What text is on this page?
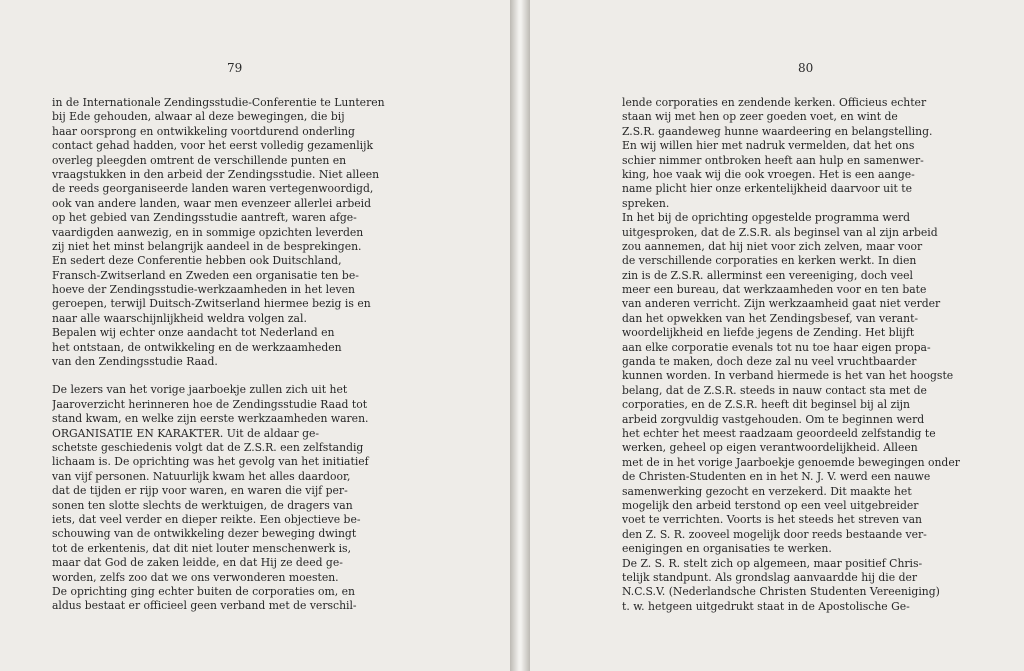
79
in de Internationale Zendingsstudie-Conferentie te Lunteren
bij Ede gehouden, alwaar al deze bewegingen, die bij
haar oorsprong en ontwikkeling voortdurend onderling
contact gehad hadden, voor het eerst volledig gezamenlijk
overleg pleegden omtrent de verschillende punten en
vraagstukken in den arbeid der Zendingsstudie. Niet alleen
de reeds georganiseerde landen waren vertegenwoordigd,
ook van andere landen, waar men evenzeer allerlei arbeid
op het gebied van Zendingsstudie aantreft, waren afge-
vaardigden aanwezig, en in sommige opzichten leverden
zij niet het minst belangrijk aandeel in de besprekingen.
En sedert deze Conferentie hebben ook Duitschland,
Fransch-Zwitserland en Zweden een organisatie ten be-
hoeve der Zendingsstudie-werkzaamheden in het leven
geroepen, terwijl Duitsch-Zwitserland hiermee bezig is en
naar alle waarschijnlijkheid weldra volgen zal.
Bepalen wij echter onze aandacht tot Nederland en
het ontstaan, de ontwikkeling en de werkzaamheden
van den Zendingsstudie Raad.
De lezers van het vorige jaarboekje zullen zich uit het
Jaaroverzicht herinneren hoe de Zendingsstudie Raad tot
stand kwam, en welke zijn eerste werkzaamheden waren.
ORGANISATIE EN KARAKTER. Uit de aldaar ge-
schetste geschiedenis volgt dat de Z.S.R. een zelfstandig
lichaam is. De oprichting was het gevolg van het initiatief
van vijf personen. Natuurlijk kwam het alles daardoor,
dat de tijden er rijp voor waren, en waren die vijf per-
sonen ten slotte slechts de werktuigen, de dragers van
iets, dat veel verder en dieper reikte. Een objectieve be-
schouwing van de ontwikkeling dezer beweging dwingt
tot de erkentenis, dat dit niet louter menschenwerk is,
maar dat God de zaken leidde, en dat Hij ze deed ge-
worden, zelfs zoo dat we ons verwonderen moesten.
De oprichting ging echter buiten de corporaties om, en
aldus bestaat er officieel geen verband met de verschil-
80
lende corporaties en zendende kerken. Officieus echter
staan wij met hen op zeer goeden voet, en wint de
Z.S.R. gaandeweg hunne waardeering en belangstelling.
En wij willen hier met nadruk vermelden, dat het ons
schier nimmer ontbroken heeft aan hulp en samenwer-
king, hoe vaak wij die ook vroegen. Het is een aange-
name plicht hier onze erkentelijkheid daarvoor uit te
spreken.
In het bij de oprichting opgestelde programma werd
uitgesproken, dat de Z.S.R. als beginsel van al zijn arbeid
zou aannemen, dat hij niet voor zich zelven, maar voor
de verschillende corporaties en kerken werkt. In dien
zin is de Z.S.R. allerminst een vereeniging, doch veel
meer een bureau, dat werkzaamheden voor en ten bate
van anderen verricht. Zijn werkzaamheid gaat niet verder
dan het opwekken van het Zendingsbesef, van verant-
woordelijkheid en liefde jegens de Zending. Het blijft
aan elke corporatie evenals tot nu toe haar eigen propa-
ganda te maken, doch deze zal nu veel vruchtbaarder
kunnen worden. In verband hiermede is het van het hoogste
belang, dat de Z.S.R. steeds in nauw contact sta met de
corporaties, en de Z.S.R. heeft dit beginsel bij al zijn
arbeid zorgvuldig vastgehouden. Om te beginnen werd
het echter het meest raadzaam geoordeeld zelfstandig te
werken, geheel op eigen verantwoordelijkheid. Alleen
met de in het vorige Jaarboekje genoemde bewegingen onder
de Christen-Studenten en in het N. J. V. werd een nauwe
samenwerking gezocht en verzekerd. Dit maakte het
mogelijk den arbeid terstond op een veel uitgebreider
voet te verrichten. Voorts is het steeds het streven van
den Z. S. R. zooveel mogelijk door reeds bestaande ver-
eenigingen en organisaties te werken.
De Z. S. R. stelt zich op algemeen, maar positief Chris-
telijk standpunt. Als grondslag aanvaardde hij die der
N.C.S.V. (Nederlandsche Christen Studenten Vereeniging)
t. w. hetgeen uitgedrukt staat in de Apostolische Ge-
